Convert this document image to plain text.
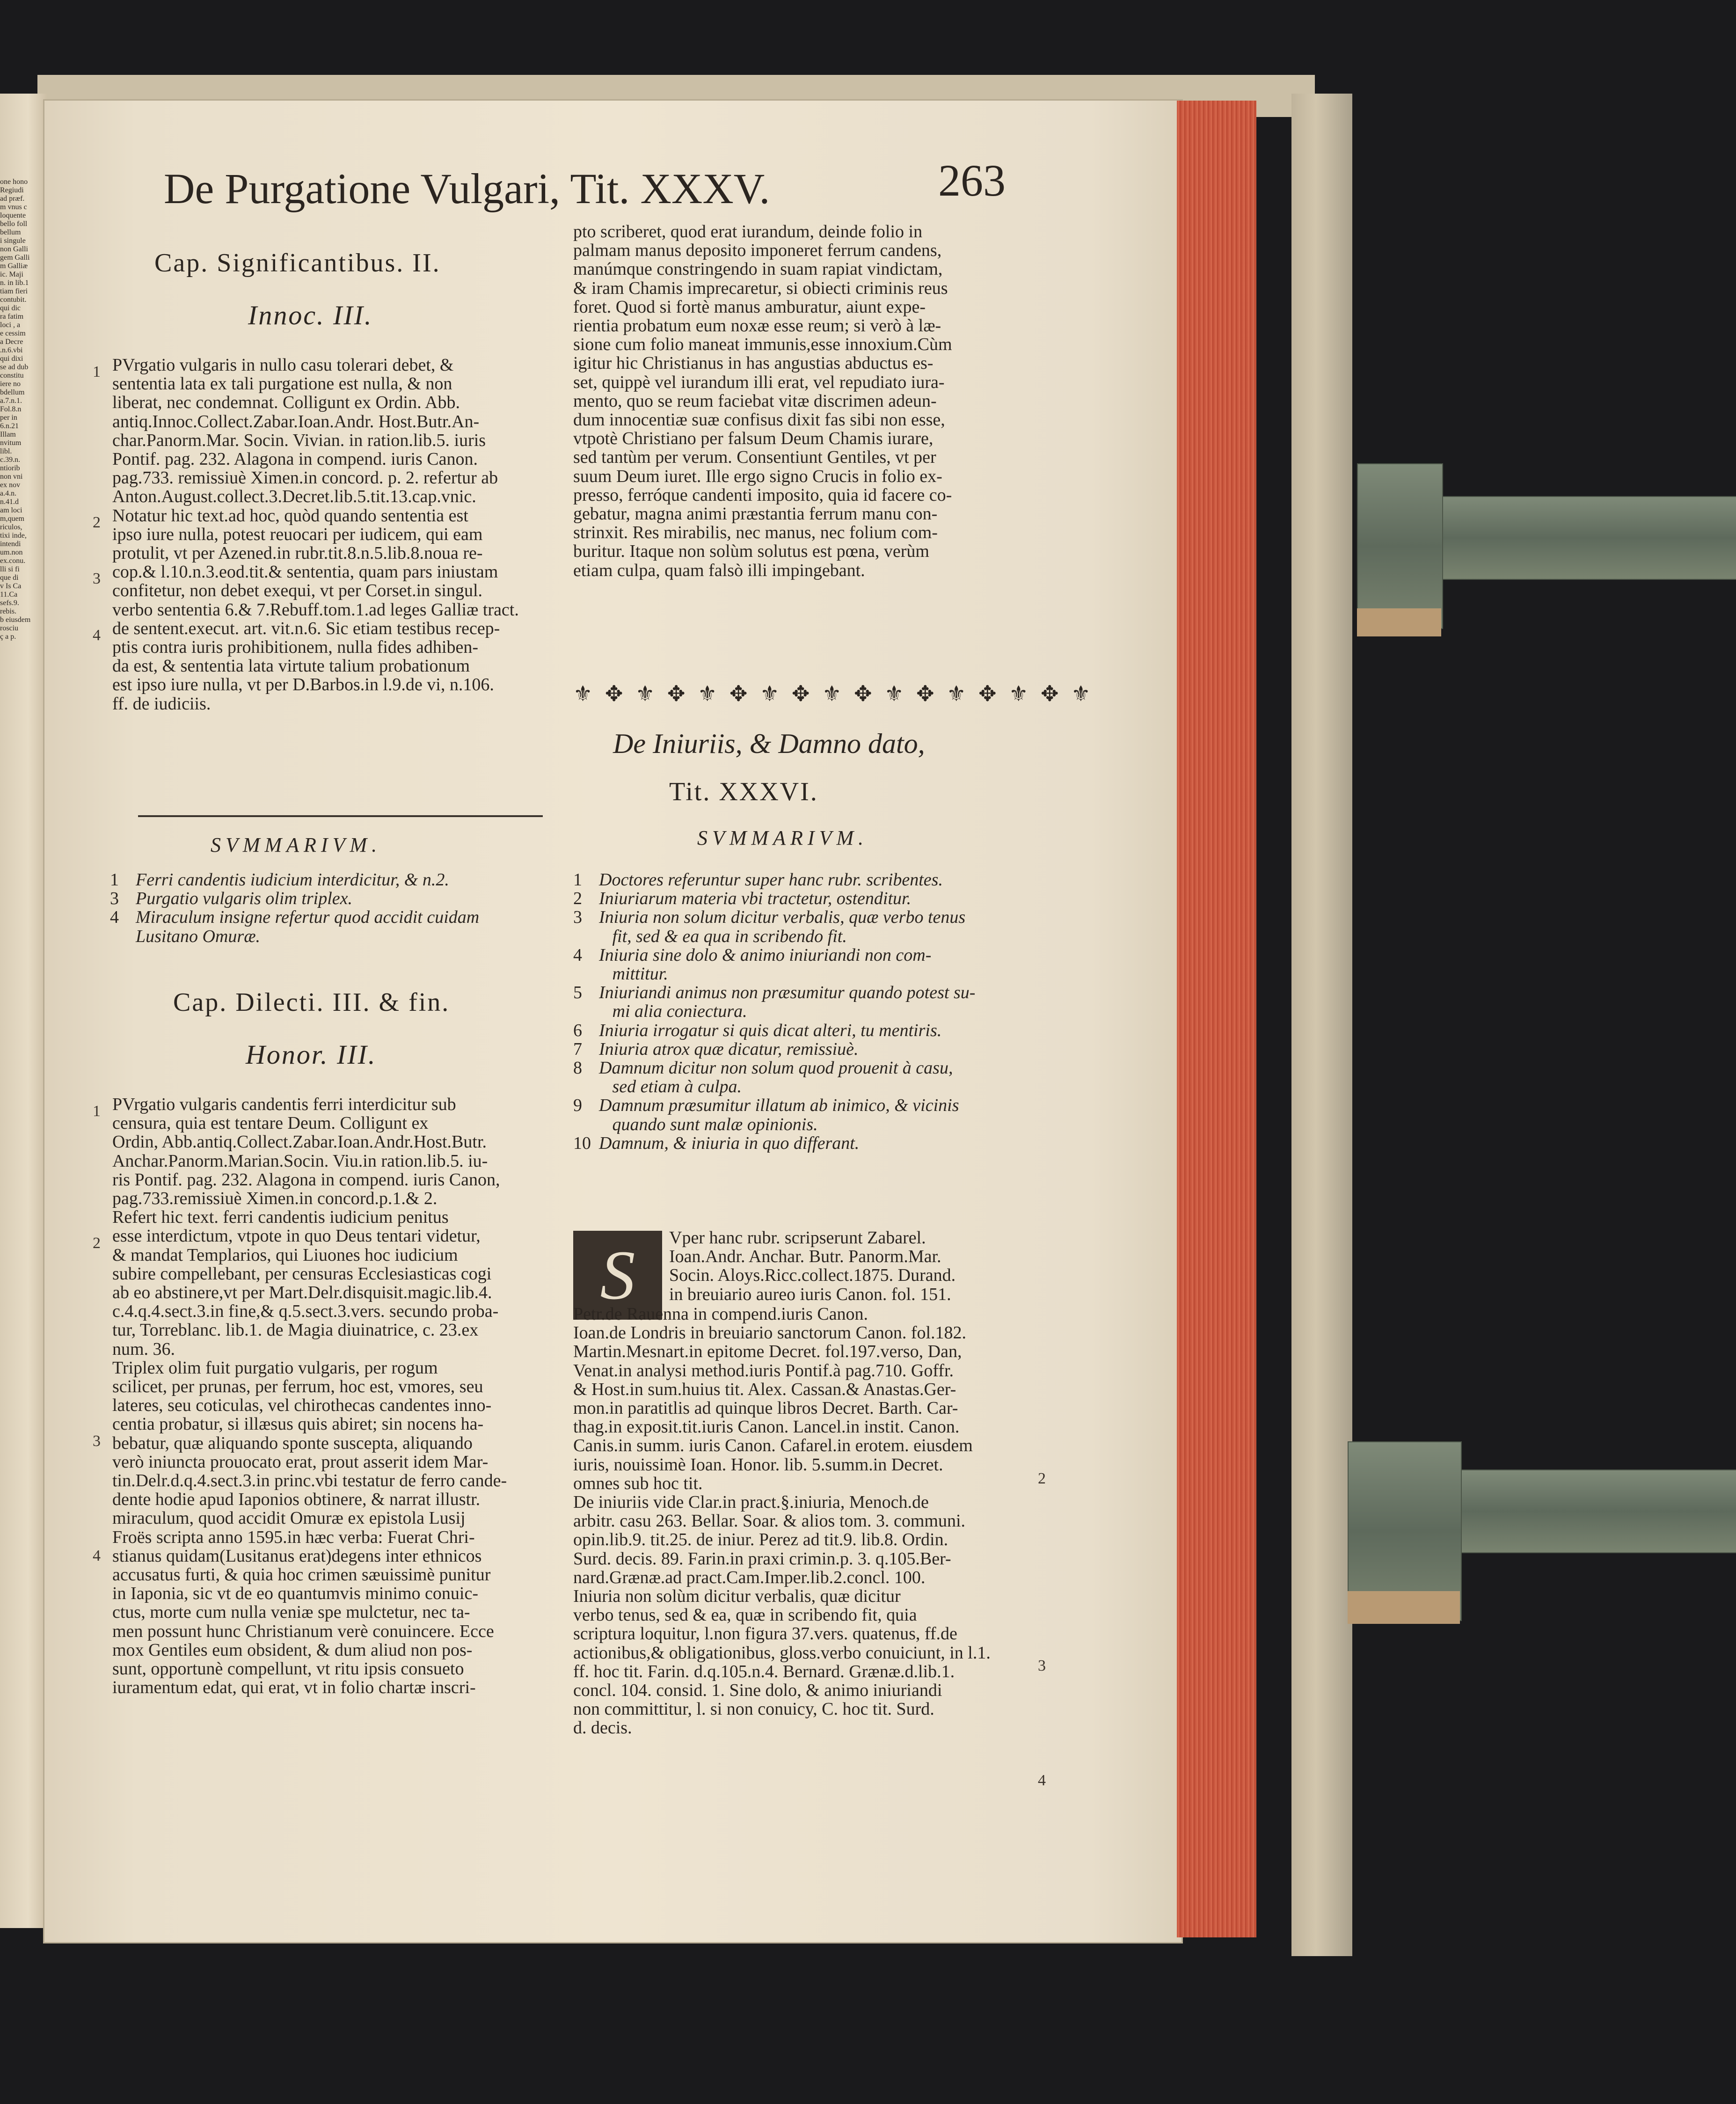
one hono
Regiudi
ad præf.
m vnus c
loquente
bello foll
bellum
i singule
non Galli
gem Galli
m Galliæ
ic. Maji
n. in lib.1
tiam fieri
contubit.
qui dic
ra fatim
loci , a
e cessim
a Decre
.n.6.vbi
qui dixi
se ad dub
constitu
iere no
bdellum
a.7.n.1.
Fol.8.n
per in
6.n.21
Illam
nvitum
libl.
c.39.n.
ntiorib
non vni
ex nov
a.4.n.
n.41.d
am loci
m,quem
riculos,
tixi inde,
intendi
um.non
ex.conu.
lli si fi
que di
v Is Ca
11.Ca
sefs.9.
rebis.
b eiusdem
rosciu
ç a p.
De Purgatione Vulgari, Tit. XXXV.	263
Cap. Significantibus. II.
Innoc. III.
1
2
3
4
PVrgatio vulgaris in nullo casu tolerari debet, &
sententia lata ex tali purgatione est nulla, & non
liberat, nec condemnat. Colligunt ex Ordin. Abb.
antiq.Innoc.Collect.Zabar.Ioan.Andr. Host.Butr.An-
char.Panorm.Mar. Socin. Vivian. in ration.lib.5. iuris
Pontif. pag. 232. Alagona in compend. iuris Canon.
pag.733. remissiuè Ximen.in concord. p. 2. refertur ab
Anton.August.collect.3.Decret.lib.5.tit.13.cap.vnic.
Notatur hic text.ad hoc, quòd quando sententia est
ipso iure nulla, potest reuocari per iudicem, qui eam
protulit, vt per Azened.in rubr.tit.8.n.5.lib.8.noua re-
cop.& l.10.n.3.eod.tit.& sententia, quam pars iniustam
confitetur, non debet exequi, vt per Corset.in singul.
verbo sententia 6.& 7.Rebuff.tom.1.ad leges Galliæ tract.
de sentent.execut. art. vit.n.6. Sic etiam testibus recep-
ptis contra iuris prohibitionem, nulla fides adhiben-
da est, & sententia lata virtute talium probationum
est ipso iure nulla, vt per D.Barbos.in l.9.de vi, n.106.
ff. de iudiciis.
SVMMARIVM.
1 Ferri candentis iudicium interdicitur, & n.2.
3 Purgatio vulgaris olim triplex.
4 Miraculum insigne refertur quod accidit cuidam
Lusitano Omuræ.
Cap. Dilecti. III. & fin.
Honor. III.
PVrgatio vulgaris candentis ferri interdicitur sub
censura, quia est tentare Deum. Colligunt ex
Ordin, Abb.antiq.Collect.Zabar.Ioan.Andr.Host.Butr.
Anchar.Panorm.Marian.Socin. Viu.in ration.lib.5. iu-
ris Pontif. pag. 232. Alagona in compend. iuris Canon,
pag.733.remissiuè Ximen.in concord.p.1.& 2.
Refert hic text. ferri candentis iudicium penitus
esse interdictum, vtpote in quo Deus tentari videtur,
& mandat Templarios, qui Liuones hoc iudicium
subire compellebant, per censuras Ecclesiasticas cogi
ab eo abstinere,vt per Mart.Delr.disquisit.magic.lib.4.
c.4.q.4.sect.3.in fine,& q.5.sect.3.vers. secundo proba-
tur, Torreblanc. lib.1. de Magia diuinatrice, c. 23.ex
num. 36.
Triplex olim fuit purgatio vulgaris, per rogum
scilicet, per prunas, per ferrum, hoc est, vmores, seu
lateres, seu coticulas, vel chirothecas candentes inno-
centia probatur, si illæsus quis abiret; sin nocens ha-
bebatur, quæ aliquando sponte suscepta, aliquando
verò iniuncta prouocato erat, prout asserit idem Mar-
tin.Delr.d.q.4.sect.3.in princ.vbi testatur de ferro cande-
dente hodie apud Iaponios obtinere, & narrat illustr.
miraculum, quod accidit Omuræ ex epistola Lusij
Froës scripta anno 1595.in hæc verba: Fuerat Chri-
stianus quidam(Lusitanus erat)degens inter ethnicos
accusatus furti, & quia hoc crimen sæuissimè punitur
in Iaponia, sic vt de eo quantumvis minimo conuic-
ctus, morte cum nulla veniæ spe mulctetur, nec ta-
men possunt hunc Christianum verè conuincere. Ecce
mox Gentiles eum obsident, & dum aliud non pos-
sunt, opportunè compellunt, vt ritu ipsis consueto
iuramentum edat, qui erat, vt in folio chartæ inscri-
1
2
3
4
pto scriberet, quod erat iurandum, deinde folio in
palmam manus deposito imponeret ferrum candens,
manúmque constringendo in suam rapiat vindictam,
& iram Chamis imprecaretur, si obiecti criminis reus
foret. Quod si fortè manus amburatur, aiunt expe-
rientia probatum eum noxæ esse reum; si verò à læ-
sione cum folio maneat immunis,esse innoxium.Cùm
igitur hic Christianus in has angustias abductus es-
set, quippè vel iurandum illi erat, vel repudiato iura-
mento, quo se reum faciebat vitæ discrimen adeun-
dum innocentiæ suæ confisus dixit fas sibi non esse,
vtpotè Christiano per falsum Deum Chamis iurare,
sed tantùm per verum. Consentiunt Gentiles, vt per
suum Deum iuret. Ille ergo signo Crucis in folio ex-
presso, ferróque candenti imposito, quia id facere co-
gebatur, magna animi præstantia ferrum manu con-
strinxit. Res mirabilis, nec manus, nec folium com-
buritur. Itaque non solùm solutus est pœna, verùm
etiam culpa, quam falsò illi impingebant.
⚜ ✥ ⚜ ✥ ⚜ ✥ ⚜ ✥ ⚜ ✥ ⚜ ✥ ⚜ ✥ ⚜ ✥ ⚜
De Iniuriis, & Damno dato,
Tit. XXXVI.
SVMMARIVM.
1 Doctores referuntur super hanc rubr. scribentes.
2 Iniuriarum materia vbi tractetur, ostenditur.
3 Iniuria non solum dicitur verbalis, quæ verbo tenus
fit, sed & ea qua in scribendo fit.
4 Iniuria sine dolo & animo iniuriandi non com-
mittitur.
5 Iniuriandi animus non præsumitur quando potest su-
mi alia coniectura.
6 Iniuria irrogatur si quis dicat alteri, tu mentiris.
7 Iniuria atrox quæ dicatur, remissiuè.
8 Damnum dicitur non solum quod prouenit à casu,
sed etiam à culpa.
9 Damnum præsumitur illatum ab inimico, & vicinis
quando sunt malæ opinionis.
10 Damnum, & iniuria in quo differant.
S	Vper hanc rubr. scripserunt Zabarel.
Ioan.Andr. Anchar. Butr. Panorm.Mar.
Socin. Aloys.Ricc.collect.1875. Durand.
in breuiario aureo iuris Canon. fol. 151.
Petr.de Rauenna in compend.iuris Canon.
Ioan.de Londris in breuiario sanctorum Canon. fol.182.
Martin.Mesnart.in epitome Decret. fol.197.verso, Dan,
Venat.in analysi method.iuris Pontif.à pag.710. Goffr.
& Host.in sum.huius tit. Alex. Cassan.& Anastas.Ger-
mon.in paratitlis ad quinque libros Decret. Barth. Car-
thag.in exposit.tit.iuris Canon. Lancel.in instit. Canon.
Canis.in summ. iuris Canon. Cafarel.in erotem. eiusdem
iuris, nouissimè Ioan. Honor. lib. 5.summ.in Decret.
omnes sub hoc tit.
De iniuriis vide Clar.in pract.§.iniuria, Menoch.de
arbitr. casu 263. Bellar. Soar. & alios tom. 3. communi.
opin.lib.9. tit.25. de iniur. Perez ad tit.9. lib.8. Ordin.
Surd. decis. 89. Farin.in praxi crimin.p. 3. q.105.Ber-
nard.Grænæ.ad pract.Cam.Imper.lib.2.concl. 100.
Iniuria non solùm dicitur verbalis, quæ dicitur
verbo tenus, sed & ea, quæ in scribendo fit, quia
scriptura loquitur, l.non figura 37.vers. quatenus, ff.de
actionibus,& obligationibus, gloss.verbo conuiciunt, in l.1.
ff. hoc tit. Farin. d.q.105.n.4. Bernard. Grænæ.d.lib.1.
concl. 104. consid. 1. Sine dolo, & animo iniuriandi
non committitur, l. si non conuicy, C. hoc tit. Surd.
d. decis.
2
3
4
